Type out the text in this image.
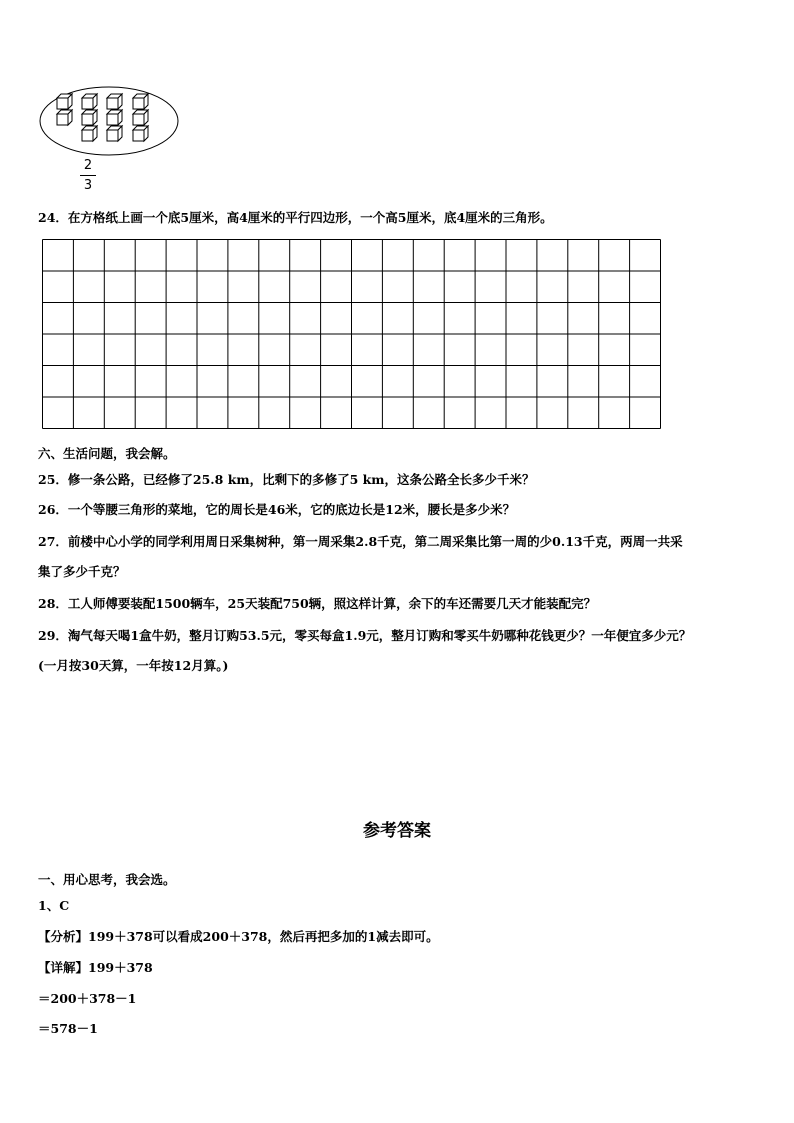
2
3
24．在方格纸上画一个底5厘米，高4厘米的平行四边形，一个高5厘米，底4厘米的三角形。
六、生活问题，我会解。
25．修一条公路，已经修了25.8 km，比剩下的多修了5 km，这条公路全长多少千米？
26．一个等腰三角形的菜地，它的周长是46米，它的底边长是12米，腰长是多少米？
27．前楼中心小学的同学利用周日采集树种，第一周采集2.8千克，第二周采集比第一周的少0.13千克，两周一共采
集了多少千克？
28．工人师傅要装配1500辆车，25天装配750辆，照这样计算，余下的车还需要几天才能装配完？
29．淘气每天喝1盒牛奶，整月订购53.5元，零买每盒1.9元，整月订购和零买牛奶哪种花钱更少？一年便宜多少元？
(一月按30天算，一年按12月算。)
参考答案
一、用心思考，我会选。
1、C
【分析】199＋378可以看成200＋378，然后再把多加的1减去即可。
【详解】199＋378
＝200＋378－1
＝578－1
